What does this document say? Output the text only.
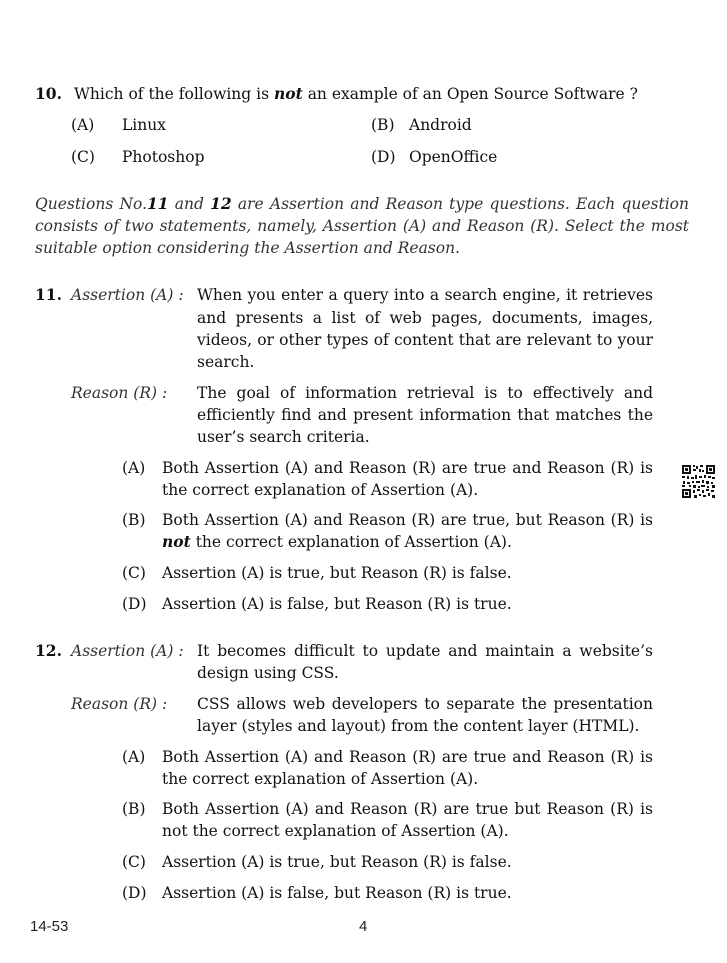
10. Which of the following is not an example of an Open Source Software ?
(A) Linux	(B) Android
(C) Photoshop	(D) OpenOffice
Questions No.11 and 12 are Assertion and Reason type questions. Each question
consists of two statements, namely, Assertion (A) and Reason (R). Select the most
suitable option considering the Assertion and Reason.
11. Assertion (A) : When you enter a query into a search engine, it retrieves
and presents a list of web pages, documents, images,
videos, or other types of content that are relevant to your
search.
Reason (R) : The goal of information retrieval is to effectively and
efficiently find and present information that matches the
user’s search criteria.
(A) Both Assertion (A) and Reason (R) are true and Reason (R) is
the correct explanation of Assertion (A).
(B) Both Assertion (A) and Reason (R) are true, but Reason (R) is
not the correct explanation of Assertion (A).
(C) Assertion (A) is true, but Reason (R) is false.
(D) Assertion (A) is false, but Reason (R) is true.
12. Assertion (A) : It becomes difficult to update and maintain a website’s
design using CSS.
Reason (R) : CSS allows web developers to separate the presentation
layer (styles and layout) from the content layer (HTML).
(A) Both Assertion (A) and Reason (R) are true and Reason (R) is
the correct explanation of Assertion (A).
(B) Both Assertion (A) and Reason (R) are true but Reason (R) is
not the correct explanation of Assertion (A).
(C) Assertion (A) is true, but Reason (R) is false.
(D) Assertion (A) is false, but Reason (R) is true.
14-53	4
